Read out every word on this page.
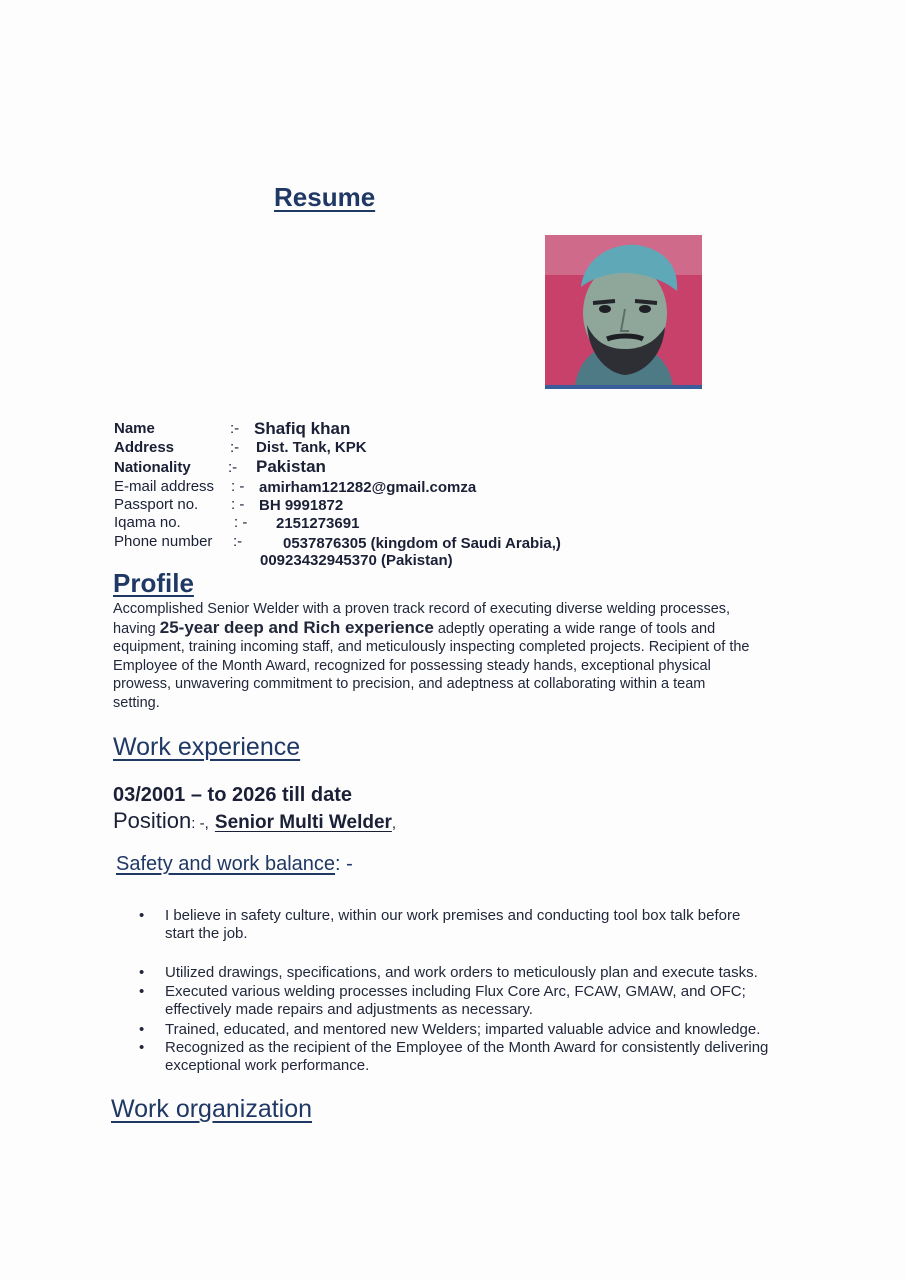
Resume
Name	:- Shafiq khan
Address	:- Dist. Tank, KPK
Nationality :- Pakistan
E-mail address : - amirham121282@gmail.comza
Passport no. : - BH 9991872
Iqama no.	: - 2151273691
Phone number :-	0537876305 (kingdom of Saudi Arabia,)
00923432945370 (Pakistan)
Profile
Accomplished Senior Welder with a proven track record of executing diverse welding processes,
having 25-year deep and Rich experience adeptly operating a wide range of tools and
equipment, training incoming staff, and meticulously inspecting completed projects. Recipient of the
Employee of the Month Award, recognized for possessing steady hands, exceptional physical
prowess, unwavering commitment to precision, and adeptness at collaborating within a team
setting.
Work experience
03/2001 – to 2026 till date
Position: -, Senior Multi Welder,
Safety and work balance: -
• I believe in safety culture, within our work premises and conducting tool box talk before
start the job.
• Utilized drawings, specifications, and work orders to meticulously plan and execute tasks.
• Executed various welding processes including Flux Core Arc, FCAW, GMAW, and OFC;
effectively made repairs and adjustments as necessary.
• Trained, educated, and mentored new Welders; imparted valuable advice and knowledge.
• Recognized as the recipient of the Employee of the Month Award for consistently delivering
exceptional work performance.
Work organization
